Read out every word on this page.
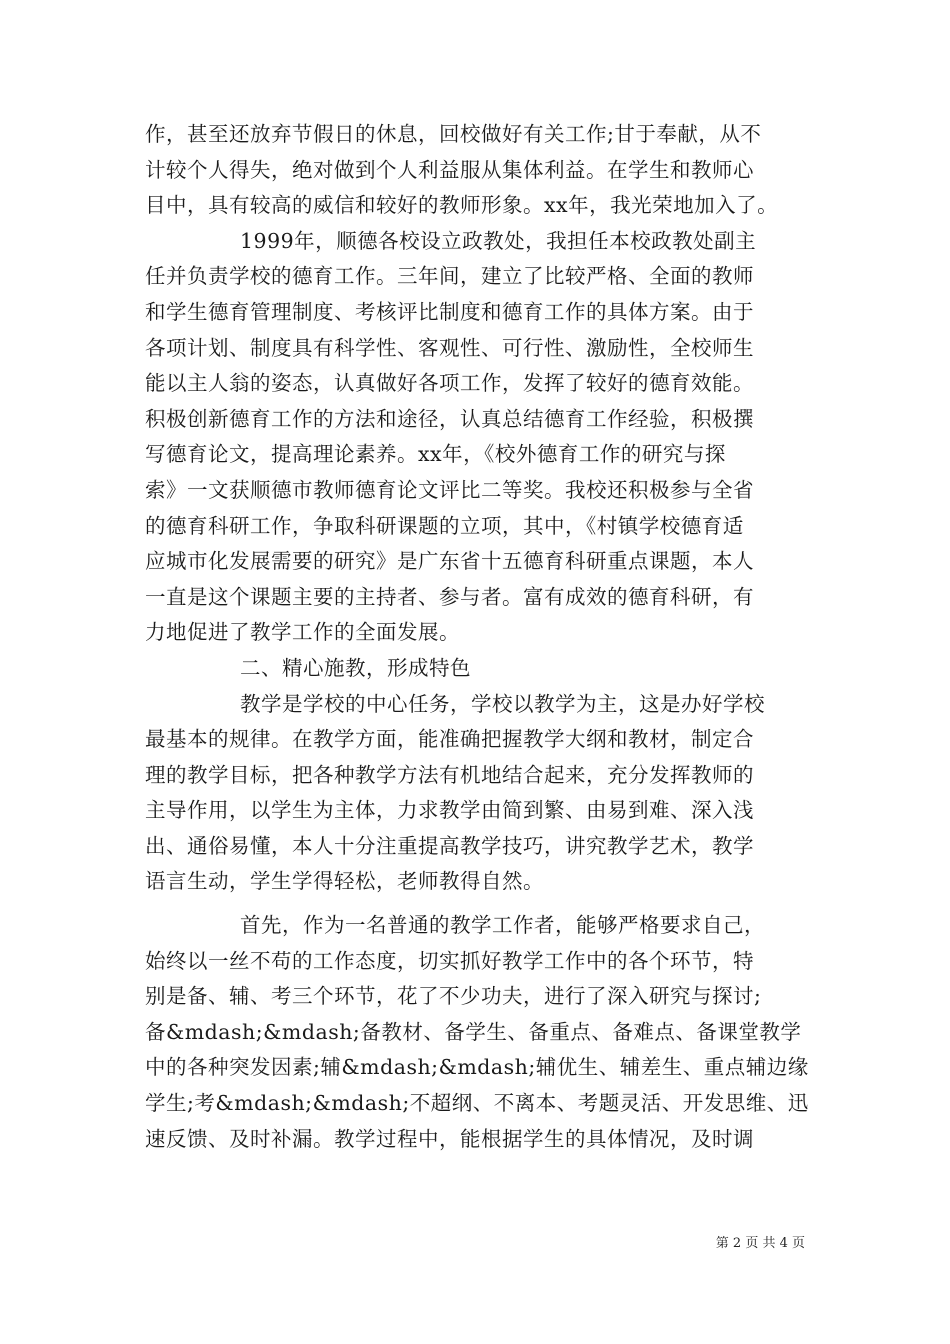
作，甚至还放弃节假日的休息，回校做好有关工作;甘于奉献，从不
计较个人得失，绝对做到个人利益服从集体利益。在学生和教师心
目中，具有较高的威信和较好的教师形象。xx年，我光荣地加入了。
1999年，顺德各校设立政教处，我担任本校政教处副主
任并负责学校的德育工作。三年间，建立了比较严格、全面的教师
和学生德育管理制度、考核评比制度和德育工作的具体方案。由于
各项计划、制度具有科学性、客观性、可行性、激励性，全校师生
能以主人翁的姿态，认真做好各项工作，发挥了较好的德育效能。
积极创新德育工作的方法和途径，认真总结德育工作经验，积极撰
写德育论文，提高理论素养。xx年，《校外德育工作的研究与探
索》一文获顺德市教师德育论文评比二等奖。我校还积极参与全省
的德育科研工作，争取科研课题的立项，其中，《村镇学校德育适
应城市化发展需要的研究》是广东省十五德育科研重点课题，本人
一直是这个课题主要的主持者、参与者。富有成效的德育科研，有
力地促进了教学工作的全面发展。
二、精心施教，形成特色
教学是学校的中心任务，学校以教学为主，这是办好学校
最基本的规律。在教学方面，能准确把握教学大纲和教材，制定合
理的教学目标，把各种教学方法有机地结合起来，充分发挥教师的
主导作用，以学生为主体，力求教学由简到繁、由易到难、深入浅
出、通俗易懂，本人十分注重提高教学技巧，讲究教学艺术，教学
语言生动，学生学得轻松，老师教得自然。
首先，作为一名普通的教学工作者，能够严格要求自己，
始终以一丝不苟的工作态度，切实抓好教学工作中的各个环节，特
别是备、辅、考三个环节，花了不少功夫，进行了深入研究与探讨;
备&mdash;&mdash;备教材、备学生、备重点、备难点、备课堂教学
中的各种突发因素;辅&mdash;&mdash;辅优生、辅差生、重点辅边缘
学生;考&mdash;&mdash;不超纲、不离本、考题灵活、开发思维、迅
速反馈、及时补漏。教学过程中，能根据学生的具体情况，及时调
第 2 页 共 4 页
